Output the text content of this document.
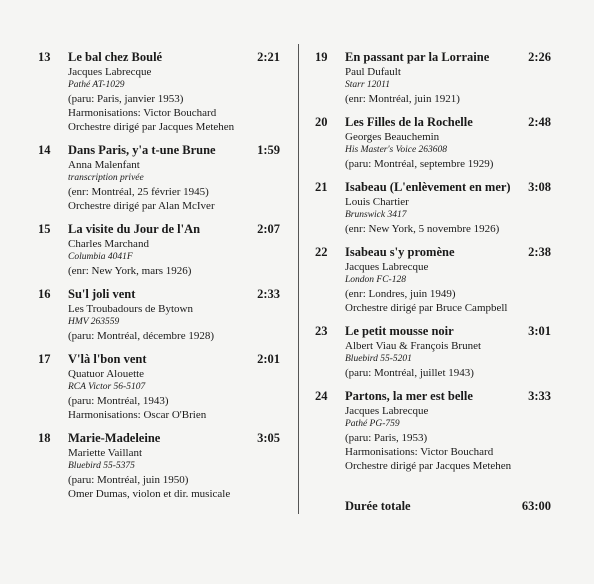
13	Le bal chez Boulé	2:21
Jacques Labrecque
Pathé AT-1029
(paru: Paris, janvier 1953)
Harmonisations: Victor Bouchard
Orchestre dirigé par Jacques Metehen
14	Dans Paris, y'a t-une Brune	1:59
Anna Malenfant
transcription privée
(enr: Montréal, 25 février 1945)
Orchestre dirigé par Alan McIver
15	La visite du Jour de l'An	2:07
Charles Marchand
Columbia 4041F
(enr: New York, mars 1926)
16	Su'l joli vent	2:33
Les Troubadours de Bytown
HMV 263559
(paru: Montréal, décembre 1928)
17	V'là l'bon vent	2:01
Quatuor Alouette
RCA Victor 56-5107
(paru: Montréal, 1943)
Harmonisations: Oscar O'Brien
18	Marie-Madeleine	3:05
Mariette Vaillant
Bluebird 55-5375
(paru: Montréal, juin 1950)
Omer Dumas, violon et dir. musicale
19	En passant par la Lorraine	2:26
Paul Dufault
Starr 12011
(enr: Montréal, juin 1921)
20	Les Filles de la Rochelle	2:48
Georges Beauchemin
His Master's Voice 263608
(paru: Montréal, septembre 1929)
21	Isabeau (L'enlèvement en mer) 3:08
Louis Chartier
Brunswick 3417
(enr: New York, 5 novembre 1926)
22	Isabeau s'y promène	2:38
Jacques Labrecque
London FC-128
(enr: Londres, juin 1949)
Orchestre dirigé par Bruce Campbell
23	Le petit mousse noir	3:01
Albert Viau & François Brunet
Bluebird 55-5201
(paru: Montréal, juillet 1943)
24	Partons, la mer est belle	3:33
Jacques Labrecque
Pathé PG-759
(paru: Paris, 1953)
Harmonisations: Victor Bouchard
Orchestre dirigé par Jacques Metehen
Durée totale	63:00
